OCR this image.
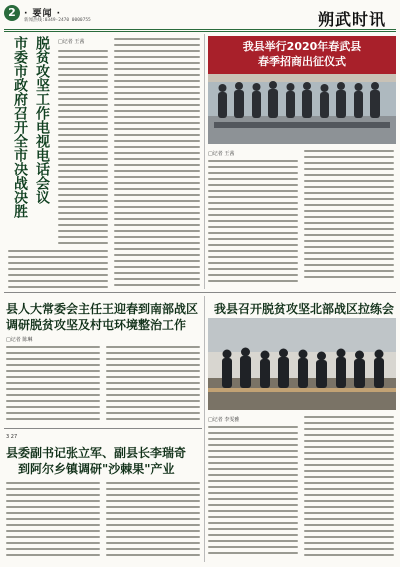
2 · 要闻 ·
新闻热线:0349-2470 0000755	朔武时讯
脱贫攻坚工作电视电话会议
市委市政府召开全市决战决胜	□记者 王茜	我县举行2020年春武县
春季招商出征仪式
□记者 王茜
县人大常委会主任王迎春到南部战区
调研脱贫攻坚及村屯环境整治工作
□记者 陈琳
3 27
县委副书记张立军、副县长李瑞奇
到阿尔乡镇调研"沙棘果"产业
我县召开脱贫攻坚北部战区拉练会
□记者 李雯雅
